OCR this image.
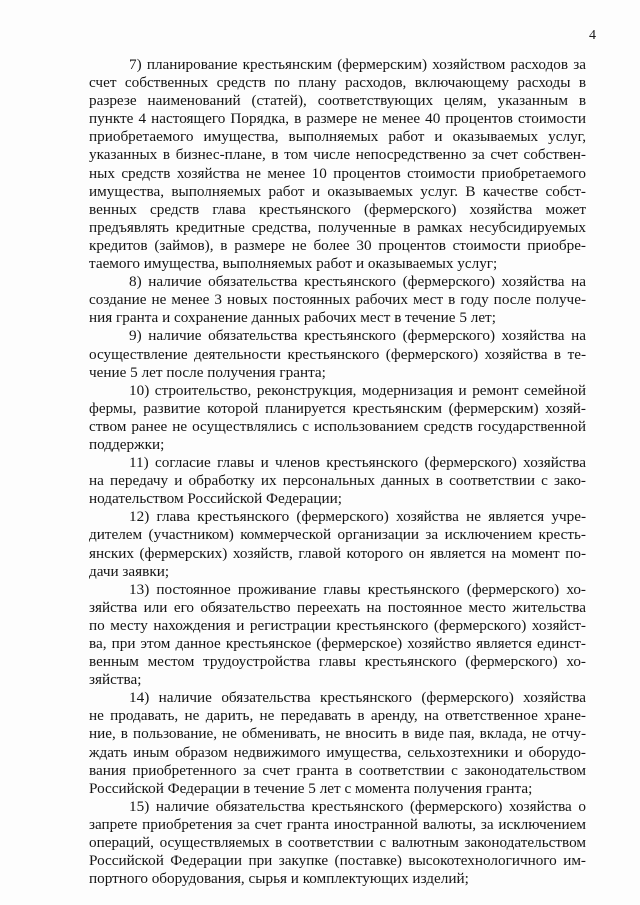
4
7) планирование крестьянским (фермерским) хозяйством расходов за
счет собственных средств по плану расходов, включающему расходы в
разрезе наименований (статей), соответствующих целям, указанным в
пункте 4 настоящего Порядка, в размере не менее 40 процентов стоимости
приобретаемого имущества, выполняемых работ и оказываемых услуг,
указанных в бизнес-плане, в том числе непосредственно за счет собствен-
ных средств хозяйства не менее 10 процентов стоимости приобретаемого
имущества, выполняемых работ и оказываемых услуг. В качестве собст-
венных средств глава крестьянского (фермерского) хозяйства может
предъявлять кредитные средства, полученные в рамках несубсидируемых
кредитов (займов), в размере не более 30 процентов стоимости приобре-
таемого имущества, выполняемых работ и оказываемых услуг;
8) наличие обязательства крестьянского (фермерского) хозяйства на
создание не менее 3 новых постоянных рабочих мест в году после получе-
ния гранта и сохранение данных рабочих мест в течение 5 лет;
9) наличие обязательства крестьянского (фермерского) хозяйства на
осуществление деятельности крестьянского (фермерского) хозяйства в те-
чение 5 лет после получения гранта;
10) строительство, реконструкция, модернизация и ремонт семейной
фермы, развитие которой планируется крестьянским (фермерским) хозяй-
ством ранее не осуществлялись с использованием средств государственной
поддержки;
11) согласие главы и членов крестьянского (фермерского) хозяйства
на передачу и обработку их персональных данных в соответствии с зако-
нодательством Российской Федерации;
12) глава крестьянского (фермерского) хозяйства не является учре-
дителем (участником) коммерческой организации за исключением кресть-
янских (фермерских) хозяйств, главой которого он является на момент по-
дачи заявки;
13) постоянное проживание главы крестьянского (фермерского) хо-
зяйства или его обязательство переехать на постоянное место жительства
по месту нахождения и регистрации крестьянского (фермерского) хозяйст-
ва, при этом данное крестьянское (фермерское) хозяйство является единст-
венным местом трудоустройства главы крестьянского (фермерского) хо-
зяйства;
14) наличие обязательства крестьянского (фермерского) хозяйства
не продавать, не дарить, не передавать в аренду, на ответственное хране-
ние, в пользование, не обменивать, не вносить в виде пая, вклада, не отчу-
ждать иным образом недвижимого имущества, сельхозтехники и оборудо-
вания приобретенного за счет гранта в соответствии с законодательством
Российской Федерации в течение 5 лет с момента получения гранта;
15) наличие обязательства крестьянского (фермерского) хозяйства о
запрете приобретения за счет гранта иностранной валюты, за исключением
операций, осуществляемых в соответствии с валютным законодательством
Российской Федерации при закупке (поставке) высокотехнологичного им-
портного оборудования, сырья и комплектующих изделий;
